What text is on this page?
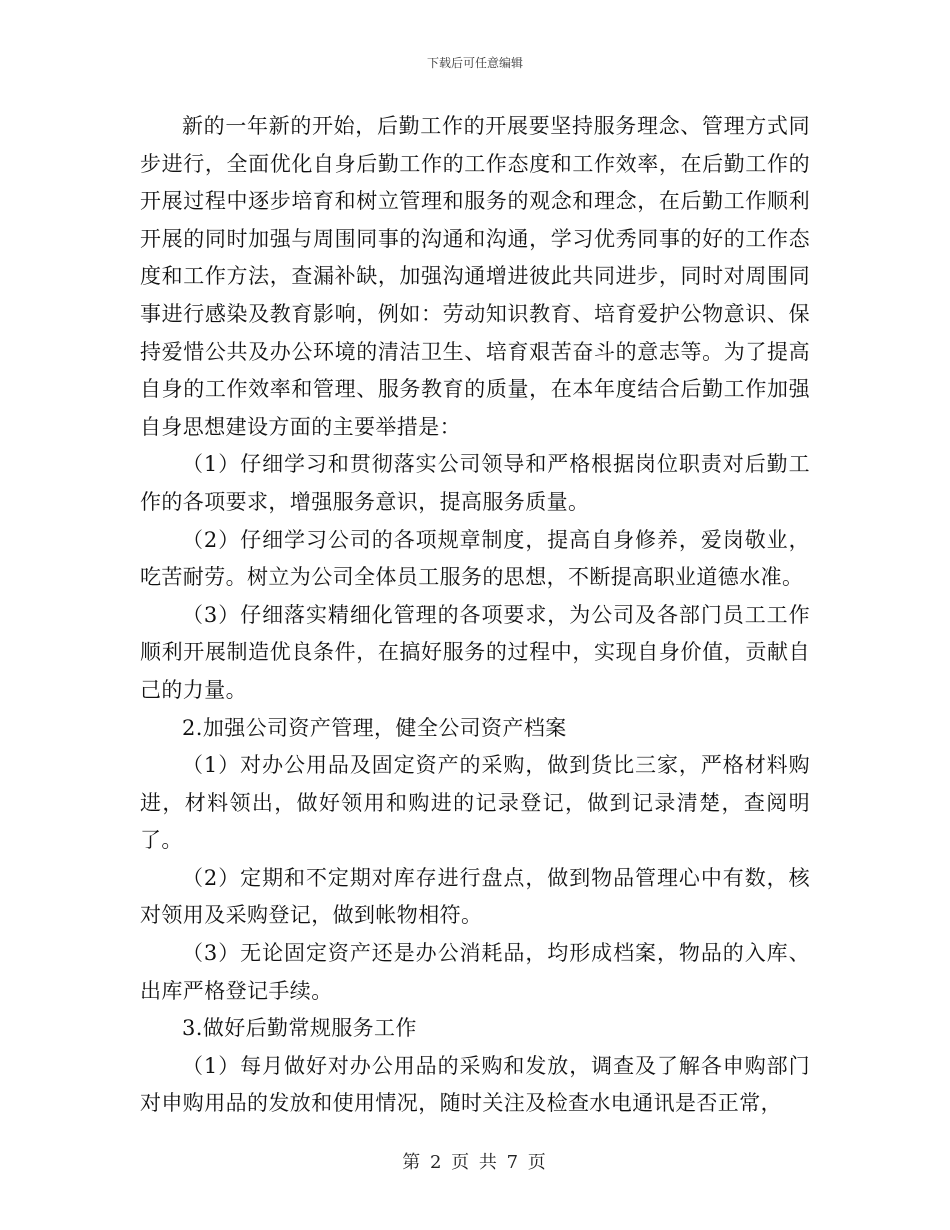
下载后可任意编辑

新的一年新的开始，后勤工作的开展要坚持服务理念、管理方式同步进行，全面优化自身后勤工作的工作态度和工作效率，在后勤工作的开展过程中逐步培育和树立管理和服务的观念和理念，在后勤工作顺利开展的同时加强与周围同事的沟通和沟通，学习优秀同事的好的工作态度和工作方法，查漏补缺，加强沟通增进彼此共同进步，同时对周围同事进行感染及教育影响，例如：劳动知识教育、培育爱护公物意识、保持爱惜公共及办公环境的清洁卫生、培育艰苦奋斗的意志等。为了提高自身的工作效率和管理、服务教育的质量，在本年度结合后勤工作加强自身思想建设方面的主要举措是：

（1）仔细学习和贯彻落实公司领导和严格根据岗位职责对后勤工作的各项要求，增强服务意识，提高服务质量。

（2）仔细学习公司的各项规章制度，提高自身修养，爱岗敬业，吃苦耐劳。树立为公司全体员工服务的思想，不断提高职业道德水准。

（3）仔细落实精细化管理的各项要求，为公司及各部门员工工作顺利开展制造优良条件，在搞好服务的过程中，实现自身价值，贡献自己的力量。

2.加强公司资产管理，健全公司资产档案

（1）对办公用品及固定资产的采购，做到货比三家，严格材料购进，材料领出，做好领用和购进的记录登记，做到记录清楚，查阅明了。

（2）定期和不定期对库存进行盘点，做到物品管理心中有数，核对领用及采购登记，做到帐物相符。

（3）无论固定资产还是办公消耗品，均形成档案，物品的入库、出库严格登记手续。

3.做好后勤常规服务工作

（1）每月做好对办公用品的采购和发放，调查及了解各申购部门对申购用品的发放和使用情况，随时关注及检查水电通讯是否正常，

第 2 页 共 7 页
